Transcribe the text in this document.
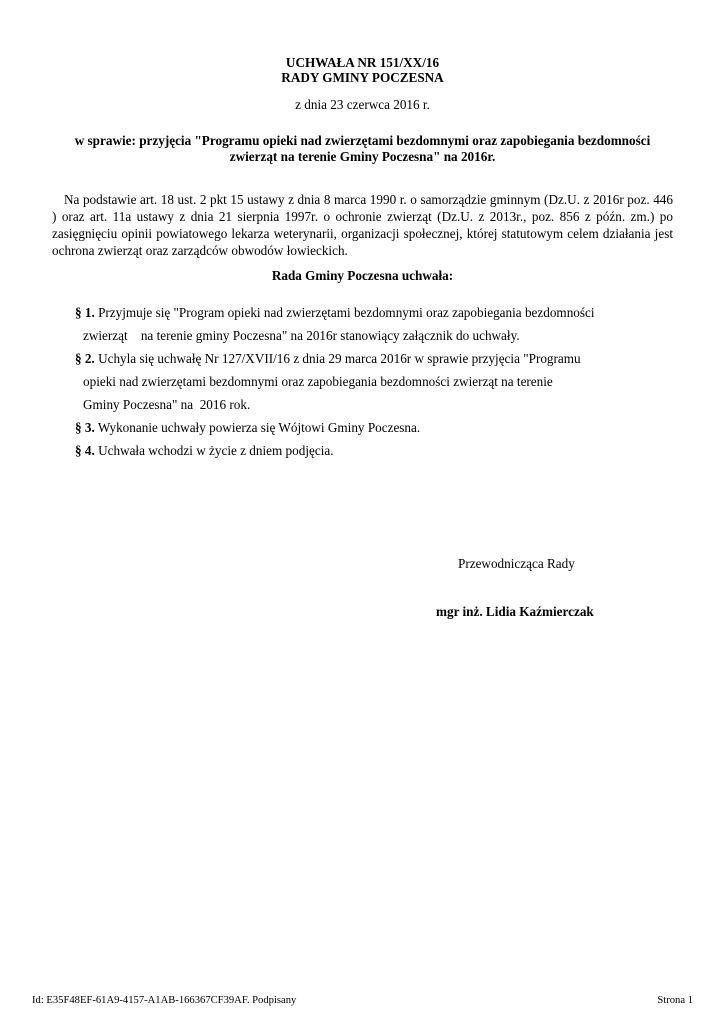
UCHWAŁA NR 151/XX/16
RADY GMINY POCZESNA
z dnia 23 czerwca 2016 r.
w sprawie: przyjęcia "Programu opieki nad zwierzętami bezdomnymi oraz zapobiegania bezdomności zwierząt na terenie Gminy Poczesna" na 2016r.
Na podstawie art. 18 ust. 2 pkt 15 ustawy z dnia 8 marca 1990 r. o samorządzie gminnym (Dz.U. z 2016r poz. 446 ) oraz art. 11a ustawy z dnia 21 sierpnia 1997r. o ochronie zwierząt (Dz.U. z 2013r., poz. 856 z późn. zm.) po zasięgnięciu opinii powiatowego lekarza weterynarii, organizacji społecznej, której statutowym celem działania jest ochrona zwierząt oraz zarządców obwodów łowieckich.
Rada Gminy Poczesna uchwała:
§ 1. Przyjmuje się "Program opieki nad zwierzętami bezdomnymi oraz zapobiegania bezdomności
zwierząt    na terenie gminy Poczesna" na 2016r stanowiący załącznik do uchwały.
§ 2. Uchyla się uchwałę Nr 127/XVII/16 z dnia 29 marca 2016r w sprawie przyjęcia "Programu
opieki nad zwierzętami bezdomnymi oraz zapobiegania bezdomności zwierząt na terenie
Gminy Poczesna" na  2016 rok.
§ 3. Wykonanie uchwały powierza się Wójtowi Gminy Poczesna.
§ 4. Uchwała wchodzi w życie z dniem podjęcia.
Przewodnicząca Rady
mgr inż. Lidia Kaźmierczak
Id: E35F48EF-61A9-4157-A1AB-166367CF39AF. Podpisany	Strona 1
